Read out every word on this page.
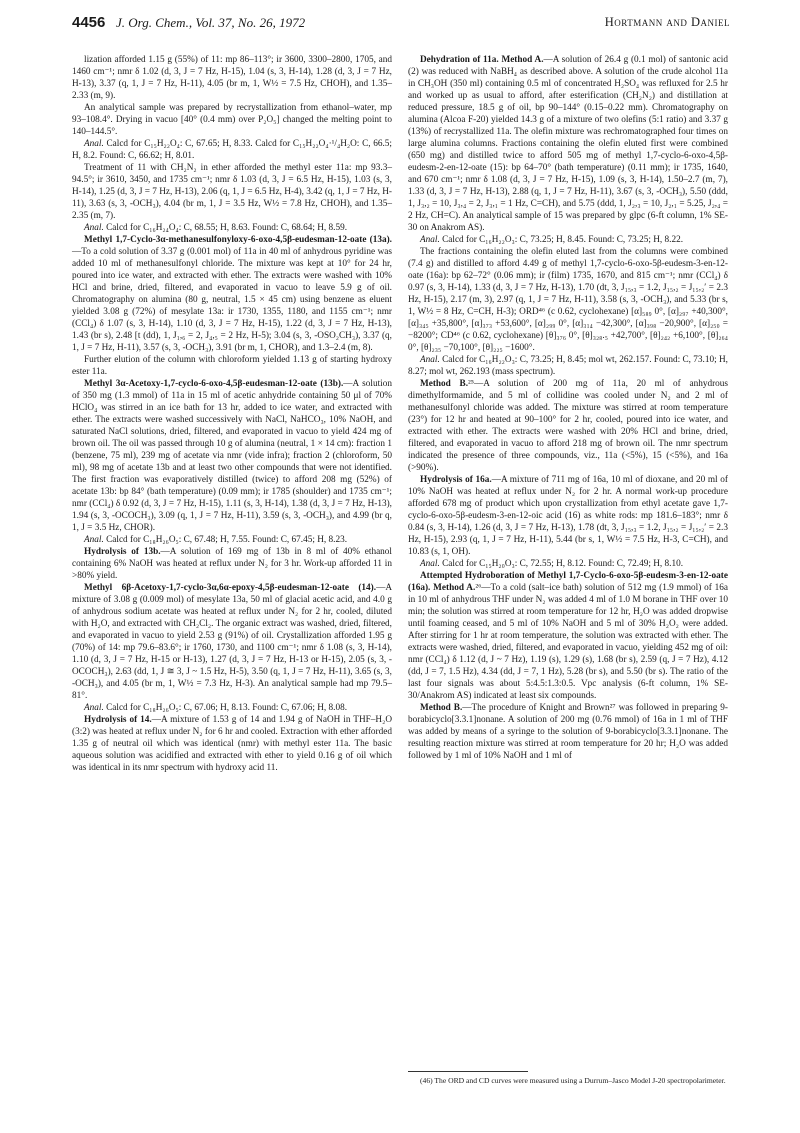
4456 J. Org. Chem., Vol. 37, No. 26, 1972	Hortmann and Daniel

lization afforded 1.15 g (55%) of 11: mp 86–113°; ir 3600, 3300–2800, 1705, and 1460 cm⁻¹; nmr δ 1.02 (d, 3, J = 7 Hz, H-15), 1.04 (s, 3, H-14), 1.28 (d, 3, J = 7 Hz, H-13), 3.37 (q, 1, J = 7 Hz, H-11), 4.05 (br m, 1, W½ = 7.5 Hz, CHOH), and 1.35–2.33 (m, 9).

An analytical sample was prepared by recrystallization from ethanol–water, mp 93–108.4°. Drying in vacuo [40° (0.4 mm) over P₂O₅] changed the melting point to 140–144.5°.

Anal. Calcd for C₁₅H₂₂O₄: C, 67.65; H, 8.33. Calcd for C₁₅H₂₂O₄·¹/₄H₂O: C, 66.5; H, 8.2. Found: C, 66.62; H, 8.01.

Treatment of 11 with CH₂N₂ in ether afforded the methyl ester 11a: mp 93.3–94.5°; ir 3610, 3450, and 1735 cm⁻¹; nmr δ 1.03 (d, 3, J = 6.5 Hz, H-15), 1.03 (s, 3, H-14), 1.25 (d, 3, J = 7 Hz, H-13), 2.06 (q, 1, J = 6.5 Hz, H-4), 3.42 (q, 1, J = 7 Hz, H-11), 3.63 (s, 3, -OCH₃), 4.04 (br m, 1, J = 3.5 Hz, W½ = 7.8 Hz, CHOH), and 1.35–2.35 (m, 7).

Anal. Calcd for C₁₆H₂₄O₄: C, 68.55; H, 8.63. Found: C, 68.64; H, 8.59.

Methyl 1,7-Cyclo-3α-methanesulfonyloxy-6-oxo-4,5β-eudesman-12-oate (13a).—To a cold solution of 3.37 g (0.001 mol) of 11a in 40 ml of anhydrous pyridine was added 10 ml of methanesulfonyl chloride. The mixture was kept at 10° for 24 hr, poured into ice water, and extracted with ether. The extracts were washed with 10% HCl and brine, dried, filtered, and evaporated in vacuo to leave 5.9 g of oil. Chromatography on alumina (80 g, neutral, 1.5 × 45 cm) using benzene as eluent yielded 3.08 g (72%) of mesylate 13a: ir 1730, 1355, 1180, and 1155 cm⁻¹; nmr (CCl₄) δ 1.07 (s, 3, H-14), 1.10 (d, 3, J = 7 Hz, H-15), 1.22 (d, 3, J = 7 Hz, H-13), 1.43 (br s), 2.48 [t (dd), 1, J₁,₆ = 2, J₄,₅ = 2 Hz, H-5); 3.04 (s, 3, -OSO₂CH₃), 3.37 (q, 1, J = 7 Hz, H-11), 3.57 (s, 3, -OCH₃), 3.91 (br m, 1, CHOR), and 1.3–2.4 (m, 8).

Further elution of the column with chloroform yielded 1.13 g of starting hydroxy ester 11a.

Methyl 3α-Acetoxy-1,7-cyclo-6-oxo-4,5β-eudesman-12-oate (13b).—A solution of 350 mg (1.3 mmol) of 11a in 15 ml of acetic anhydride containing 50 μl of 70% HClO₄ was stirred in an ice bath for 13 hr, added to ice water, and extracted with ether. The extracts were washed successively with NaCl, NaHCO₃, 10% NaOH, and saturated NaCl solutions, dried, filtered, and evaporated in vacuo to yield 424 mg of brown oil. The oil was passed through 10 g of alumina (neutral, 1 × 14 cm): fraction 1 (benzene, 75 ml), 239 mg of acetate via nmr (vide infra); fraction 2 (chloroform, 50 ml), 98 mg of acetate 13b and at least two other compounds that were not identified. The first fraction was evaporatively distilled (twice) to afford 208 mg (52%) of acetate 13b: bp 84° (bath temperature) (0.09 mm); ir 1785 (shoulder) and 1735 cm⁻¹; nmr (CCl₄) δ 0.92 (d, 3, J = 7 Hz, H-15), 1.11 (s, 3, H-14), 1.38 (d, 3, J = 7 Hz, H-13), 1.94 (s, 3, -OCOCH₃), 3.09 (q, 1, J = 7 Hz, H-11), 3.59 (s, 3, -OCH₃), and 4.99 (br q, 1, J = 3.5 Hz, CHOR).

Anal. Calcd for C₁₈H₂₆O₅: C, 67.48; H, 7.55. Found: C, 67.45; H, 8.23.

Hydrolysis of 13b.—A solution of 169 mg of 13b in 8 ml of 40% ethanol containing 6% NaOH was heated at reflux under N₂ for 3 hr. Work-up afforded 11 in >80% yield.

Methyl 6β-Acetoxy-1,7-cyclo-3α,6α-epoxy-4,5β-eudesman-12-oate (14).—A mixture of 3.08 g (0.009 mol) of mesylate 13a, 50 ml of glacial acetic acid, and 4.0 g of anhydrous sodium acetate was heated at reflux under N₂ for 2 hr, cooled, diluted with H₂O, and extracted with CH₂Cl₂. The organic extract was washed, dried, filtered, and evaporated in vacuo to yield 2.53 g (91%) of oil. Crystallization afforded 1.95 g (70%) of 14: mp 79.6–83.6°; ir 1760, 1730, and 1100 cm⁻¹; nmr δ 1.08 (s, 3, H-14), 1.10 (d, 3, J = 7 Hz, H-15 or H-13), 1.27 (d, 3, J = 7 Hz, H-13 or H-15), 2.05 (s, 3, -OCOCH₃), 2.63 (dd, 1, J ≅ 3, J ~ 1.5 Hz, H-5), 3.50 (q, 1, J = 7 Hz, H-11), 3.65 (s, 3, -OCH₃), and 4.05 (br m, 1, W½ = 7.3 Hz, H-3). An analytical sample had mp 79.5–81°.

Anal. Calcd for C₁₈H₂₆O₅: C, 67.06; H, 8.13. Found: C, 67.06; H, 8.08.

Hydrolysis of 14.—A mixture of 1.53 g of 14 and 1.94 g of NaOH in THF–H₂O (3:2) was heated at reflux under N₂ for 6 hr and cooled. Extraction with ether afforded 1.35 g of neutral oil which was identical (nmr) with methyl ester 11a. The basic aqueous solution was acidified and extracted with ether to yield 0.16 g of oil which was identical in its nmr spectrum with hydroxy acid 11.

Dehydration of 11a. Method A.—A solution of 26.4 g (0.1 mol) of santonic acid (2) was reduced with NaBH₄ as described above. A solution of the crude alcohol 11a in CH₃OH (350 ml) containing 0.5 ml of concentrated H₂SO₄ was refluxed for 2.5 hr and worked up as usual to afford, after esterification (CH₂N₂) and distillation at reduced pressure, 18.5 g of oil, bp 90–144° (0.15–0.22 mm). Chromatography on alumina (Alcoa F-20) yielded 14.3 g of a mixture of two olefins (5:1 ratio) and 3.37 g (13%) of recrystallized 11a. The olefin mixture was rechromatographed four times on large alumina columns. Fractions containing the olefin eluted first were combined (650 mg) and distilled twice to afford 505 mg of methyl 1,7-cyclo-6-oxo-4,5β-eudesm-2-en-12-oate (15): bp 64–70° (bath temperature) (0.11 mm); ir 1735, 1640, and 670 cm⁻¹; nmr δ 1.08 (d, 3, J = 7 Hz, H-15), 1.09 (s, 3, H-14), 1.50–2.7 (m, 7), 1.33 (d, 3, J = 7 Hz, H-13), 2.88 (q, 1, J = 7 Hz, H-11), 3.67 (s, 3, -OCH₃), 5.50 (ddd, 1, J₃,₂ = 10, J₃,₄ = 2, J₃,₁ = 1 Hz, C=CH), and 5.75 (ddd, 1, J₂,₃ = 10, J₂,₁ = 5.25, J₂,₄ = 2 Hz, CH=C). An analytical sample of 15 was prepared by glpc (6-ft column, 1% SE-30 on Anakrom AS).

Anal. Calcd for C₁₆H₂₂O₃: C, 73.25; H, 8.45. Found: C, 73.25; H, 8.22.

The fractions containing the olefin eluted last from the columns were combined (7.4 g) and distilled to afford 4.49 g of methyl 1,7-cyclo-6-oxo-5β-eudesm-3-en-12-oate (16a): bp 62–72° (0.06 mm); ir (film) 1735, 1670, and 815 cm⁻¹; nmr (CCl₄) δ 0.97 (s, 3, H-14), 1.33 (d, 3, J = 7 Hz, H-13), 1.70 (dt, 3, J₁₅,₃ = 1.2, J₁₅,₂ = J₁₅,₂′ = 2.3 Hz, H-15), 2.17 (m, 3), 2.97 (q, 1, J = 7 Hz, H-11), 3.58 (s, 3, -OCH₃), and 5.33 (br s, 1, W½ = 8 Hz, C=CH, H-3); ORD⁴⁶ (c 0.62, cyclohexane) [α]₅₈₉ 0°, [α]₂₉₇ +40,300°, [α]₃₄₅ +35,800°, [α]₃₇₃ +53,600°, [α]₂₉₉ 0°, [α]₃₁₄ −42,300°, [α]₃₉₈ −20,900°, [α]₂₅₀ = −8200°; CD⁴⁶ (c 0.62, cyclohexane) [θ]₃₇₆ 0°, [θ]₃₂₈.₅ +42,700°, [θ]₂₄₂ +6,100°, [θ]₂₆₄ 0°, [θ]₂₃₅ −70,100°, [θ]₂₂₅ −1600°.

Anal. Calcd for C₁₆H₂₂O₃: C, 73.25; H, 8.45; mol wt, 262.157. Found: C, 73.10; H, 8.27; mol wt, 262.193 (mass spectrum).

Method B.²⁵—A solution of 200 mg of 11a, 20 ml of anhydrous dimethylformamide, and 5 ml of collidine was cooled under N₂ and 2 ml of methanesulfonyl chloride was added. The mixture was stirred at room temperature (23°) for 12 hr and heated at 90–100° for 2 hr, cooled, poured into ice water, and extracted with ether. The extracts were washed with 20% HCl and brine, dried, filtered, and evaporated in vacuo to afford 218 mg of brown oil. The nmr spectrum indicated the presence of three compounds, viz., 11a (<5%), 15 (<5%), and 16a (>90%).

Hydrolysis of 16a.—A mixture of 711 mg of 16a, 10 ml of dioxane, and 20 ml of 10% NaOH was heated at reflux under N₂ for 2 hr. A normal work-up procedure afforded 678 mg of product which upon crystallization from ethyl acetate gave 1,7-cyclo-6-oxo-5β-eudesm-3-en-12-oic acid (16) as white rods: mp 181.6–183°; nmr δ 0.84 (s, 3, H-14), 1.26 (d, 3, J = 7 Hz, H-13), 1.78 (dt, 3, J₁₅,₃ = 1.2, J₁₅,₂ = J₁₅,₂′ = 2.3 Hz, H-15), 2.93 (q, 1, J = 7 Hz, H-11), 5.44 (br s, 1, W½ = 7.5 Hz, H-3, C=CH), and 10.83 (s, 1, OH).

Anal. Calcd for C₁₅H₂₀O₃: C, 72.55; H, 8.12. Found: C, 72.49; H, 8.10.

Attempted Hydroboration of Methyl 1,7-Cyclo-6-oxo-5β-eudesm-3-en-12-oate (16a). Method A.²⁶—To a cold (salt–ice bath) solution of 512 mg (1.9 mmol) of 16a in 10 ml of anhydrous THF under N₂ was added 4 ml of 1.0 M borane in THF over 10 min; the solution was stirred at room temperature for 12 hr, H₂O was added dropwise until foaming ceased, and 5 ml of 10% NaOH and 5 ml of 30% H₂O₂ were added. After stirring for 1 hr at room temperature, the solution was extracted with ether. The extracts were washed, dried, filtered, and evaporated in vacuo, yielding 452 mg of oil: nmr (CCl₄) δ 1.12 (d, J ~ 7 Hz), 1.19 (s), 1.29 (s), 1.68 (br s), 2.59 (q, J = 7 Hz), 4.12 (dd, J = 7, 1.5 Hz), 4.34 (dd, J = 7, 1 Hz), 5.28 (br s), and 5.50 (br s). The ratio of the last four signals was about 5:4.5:1.3:0.5. Vpc analysis (6-ft column, 1% SE-30/Anakrom AS) indicated at least six compounds.

Method B.—The procedure of Knight and Brown²⁷ was followed in preparing 9-borabicyclo[3.3.1]nonane. A solution of 200 mg (0.76 mmol) of 16a in 1 ml of THF was added by means of a syringe to the solution of 9-borabicyclo[3.3.1]nonane. The resulting reaction mixture was stirred at room temperature for 20 hr; H₂O was added followed by 1 ml of 10% NaOH and 1 ml of

(46) The ORD and CD curves were measured using a Durrum–Jasco Model J-20 spectropolarimeter.
